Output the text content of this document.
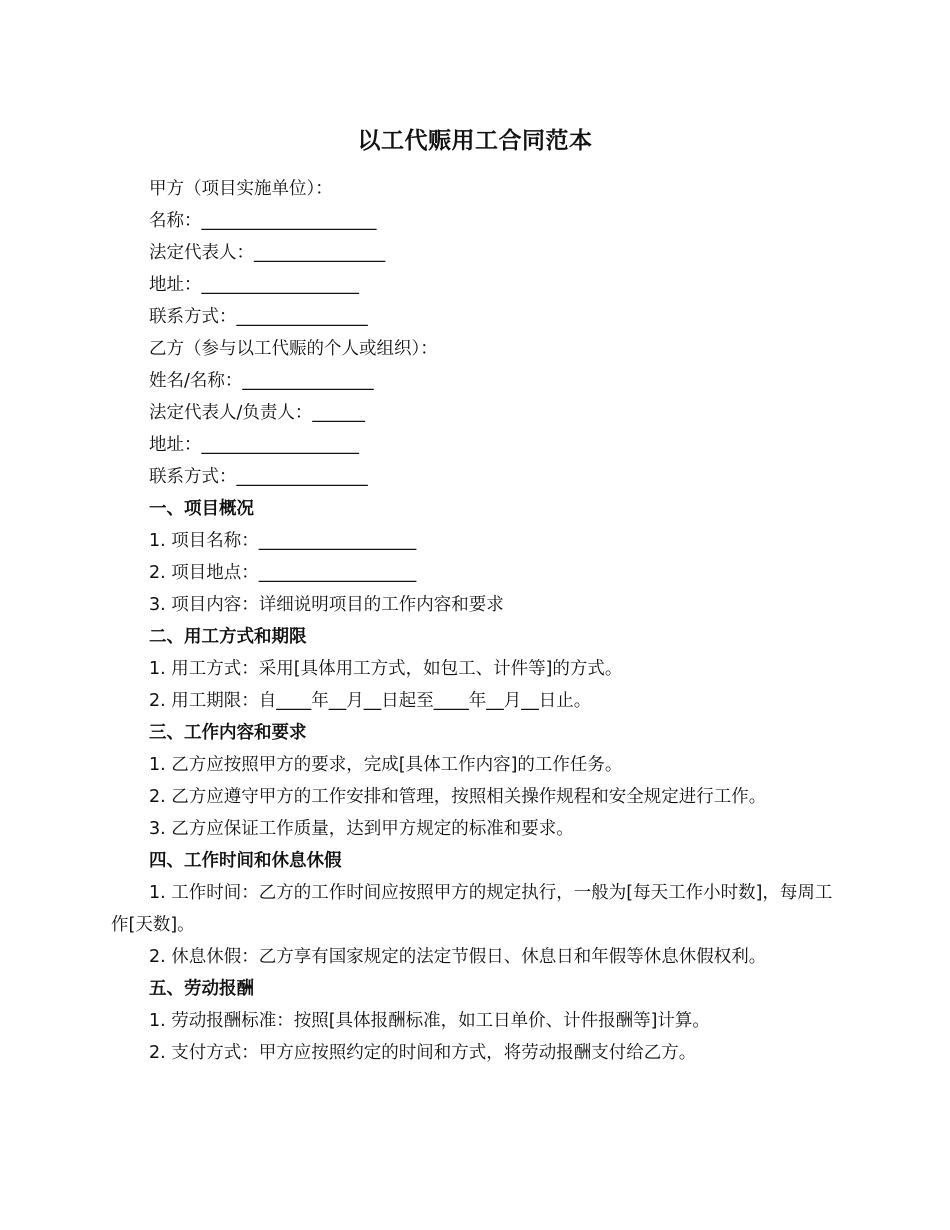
以工代赈用工合同范本
甲方（项目实施单位）：
名称：____________________
法定代表人：_______________
地址：__________________
联系方式：_______________
乙方（参与以工代赈的个人或组织）：
姓名/名称：_______________
法定代表人/负责人：______
地址：__________________
联系方式：_______________
一、项目概况
1. 项目名称：__________________
2. 项目地点：__________________
3. 项目内容：详细说明项目的工作内容和要求
二、用工方式和期限
1. 用工方式：采用[具体用工方式，如包工、计件等]的方式。
2. 用工期限：自____年__月__日起至____年__月__日止。
三、工作内容和要求
1. 乙方应按照甲方的要求，完成[具体工作内容]的工作任务。
2. 乙方应遵守甲方的工作安排和管理，按照相关操作规程和安全规定进行工作。
3. 乙方应保证工作质量，达到甲方规定的标准和要求。
四、工作时间和休息休假
1. 工作时间：乙方的工作时间应按照甲方的规定执行，一般为[每天工作小时数]，每周工作[天数]。
2. 休息休假：乙方享有国家规定的法定节假日、休息日和年假等休息休假权利。
五、劳动报酬
1. 劳动报酬标准：按照[具体报酬标准，如工日单价、计件报酬等]计算。
2. 支付方式：甲方应按照约定的时间和方式，将劳动报酬支付给乙方。
